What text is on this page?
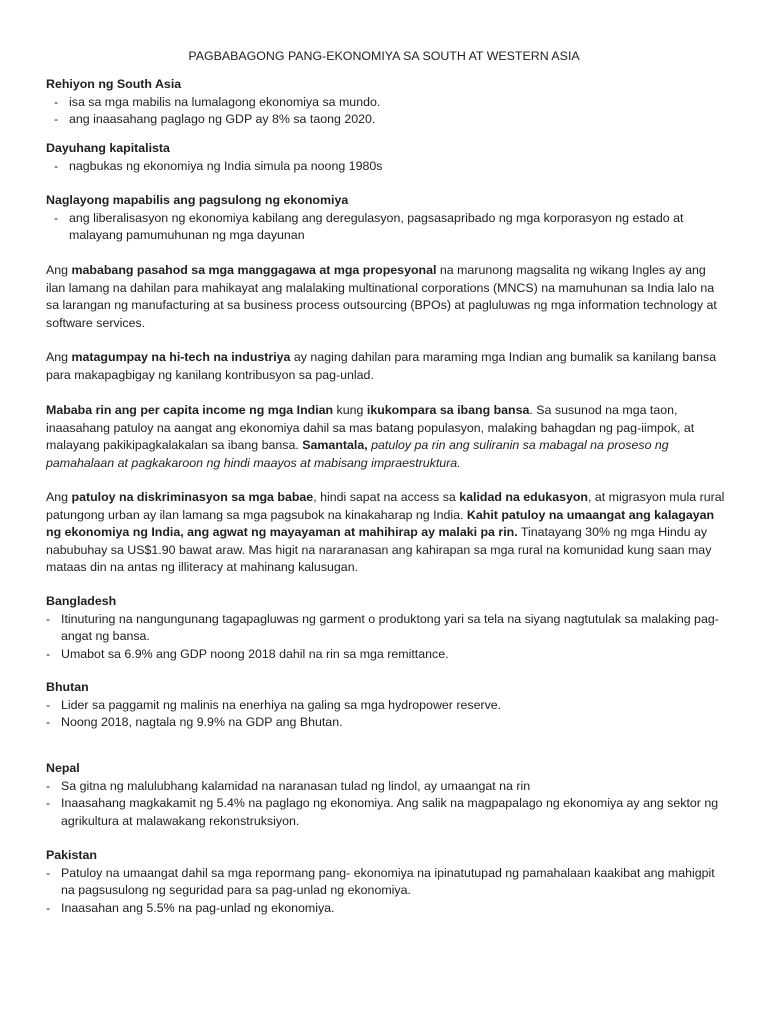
PAGBABAGONG PANG-EKONOMIYA SA SOUTH AT WESTERN ASIA
Rehiyon ng South Asia
- isa sa mga mabilis na lumalagong ekonomiya sa mundo.
- ang inaasahang paglago ng GDP ay 8% sa taong 2020.
Dayuhang kapitalista
- nagbukas ng ekonomiya ng India simula pa noong 1980s
Naglayong mapabilis ang pagsulong ng ekonomiya
- ang liberalisasyon ng ekonomiya kabilang ang deregulasyon, pagsasapribado ng mga korporasyon ng estado at malayang pamumuhunan ng mga dayunan

Ang mababang pasahod sa mga manggagawa at mga propesyonal na marunong magsalita ng wikang Ingles ay ang ilan lamang na dahilan para mahikayat ang malalaking multinational corporations (MNCS) na mamuhunan sa India lalo na sa larangan ng manufacturing at sa business process outsourcing (BPOs) at pagluluwas ng mga information technology at software services.

Ang matagumpay na hi-tech na industriya ay naging dahilan para maraming mga Indian ang bumalik sa kanilang bansa para makapagbigay ng kanilang kontribusyon sa pag-unlad.

Mababa rin ang per capita income ng mga Indian kung ikukompara sa ibang bansa. Sa susunod na mga taon, inaasahang patuloy na aangat ang ekonomiya dahil sa mas batang populasyon, malaking bahagdan ng pag-iimpok, at malayang pakikipagkalakalan sa ibang bansa. Samantala, patuloy pa rin ang suliranin sa mabagal na proseso ng pamahalaan at pagkakaroon ng hindi maayos at mabisang impraestruktura.

Ang patuloy na diskriminasyon sa mga babae, hindi sapat na access sa kalidad na edukasyon, at migrasyon mula rural patungong urban ay ilan lamang sa mga pagsubok na kinakaharap ng India. Kahit patuloy na umaangat ang kalagayan ng ekonomiya ng India, ang agwat ng mayayaman at mahihirap ay malaki pa rin. Tinatayang 30% ng mga Hindu ay nabubuhay sa US$1.90 bawat araw. Mas higit na nararanasan ang kahirapan sa mga rural na komunidad kung saan may mataas din na antas ng illiteracy at mahinang kalusugan.

Bangladesh
- Itinuturing na nangungunang tagapagluwas ng garment o produktong yari sa tela na siyang nagtutulak sa malaking pag-angat ng bansa.
- Umabot sa 6.9% ang GDP noong 2018 dahil na rin sa mga remittance.
Bhutan
- Lider sa paggamit ng malinis na enerhiya na galing sa mga hydropower reserve.
- Noong 2018, nagtala ng 9.9% na GDP ang Bhutan.
Nepal
- Sa gitna ng malulubhang kalamidad na naranasan tulad ng lindol, ay umaangat na rin
- Inaasahang magkakamit ng 5.4% na paglago ng ekonomiya. Ang salik na magpapalago ng ekonomiya ay ang sektor ng agrikultura at malawakang rekonstruksiyon.
Pakistan
- Patuloy na umaangat dahil sa mga repormang pang- ekonomiya na ipinatutupad ng pamahalaan kaakibat ang mahigpit na pagsusulong ng seguridad para sa pag-unlad ng ekonomiya.
- Inaasahan ang 5.5% na pag-unlad ng ekonomiya.
